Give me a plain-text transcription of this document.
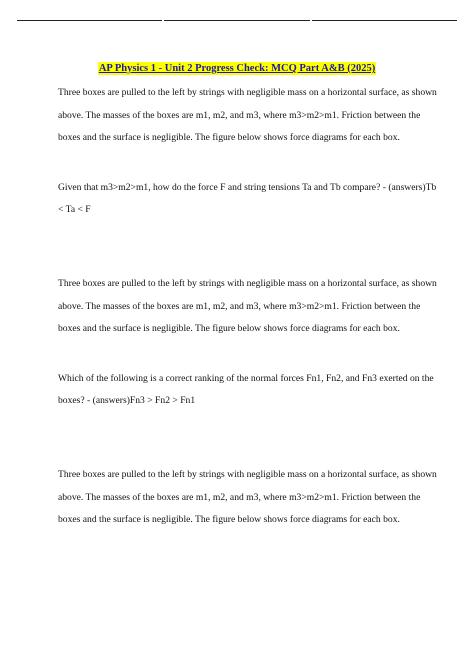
AP Physics 1 - Unit 2 Progress Check: MCQ Part A&B (2025)

Three boxes are pulled to the left by strings with negligible mass on a horizontal surface, as shown above. The masses of the boxes are m1, m2, and m3, where m3>m2>m1. Friction between the boxes and the surface is negligible. The figure below shows force diagrams for each box.

Given that m3>m2>m1, how do the force F and string tensions Ta and Tb compare? - (answers)Tb < Ta < F

Three boxes are pulled to the left by strings with negligible mass on a horizontal surface, as shown above. The masses of the boxes are m1, m2, and m3, where m3>m2>m1. Friction between the boxes and the surface is negligible. The figure below shows force diagrams for each box.

Which of the following is a correct ranking of the normal forces Fn1, Fn2, and Fn3 exerted on the boxes? - (answers)Fn3 > Fn2 > Fn1

Three boxes are pulled to the left by strings with negligible mass on a horizontal surface, as shown above. The masses of the boxes are m1, m2, and m3, where m3>m2>m1. Friction between the boxes and the surface is negligible. The figure below shows force diagrams for each box.
